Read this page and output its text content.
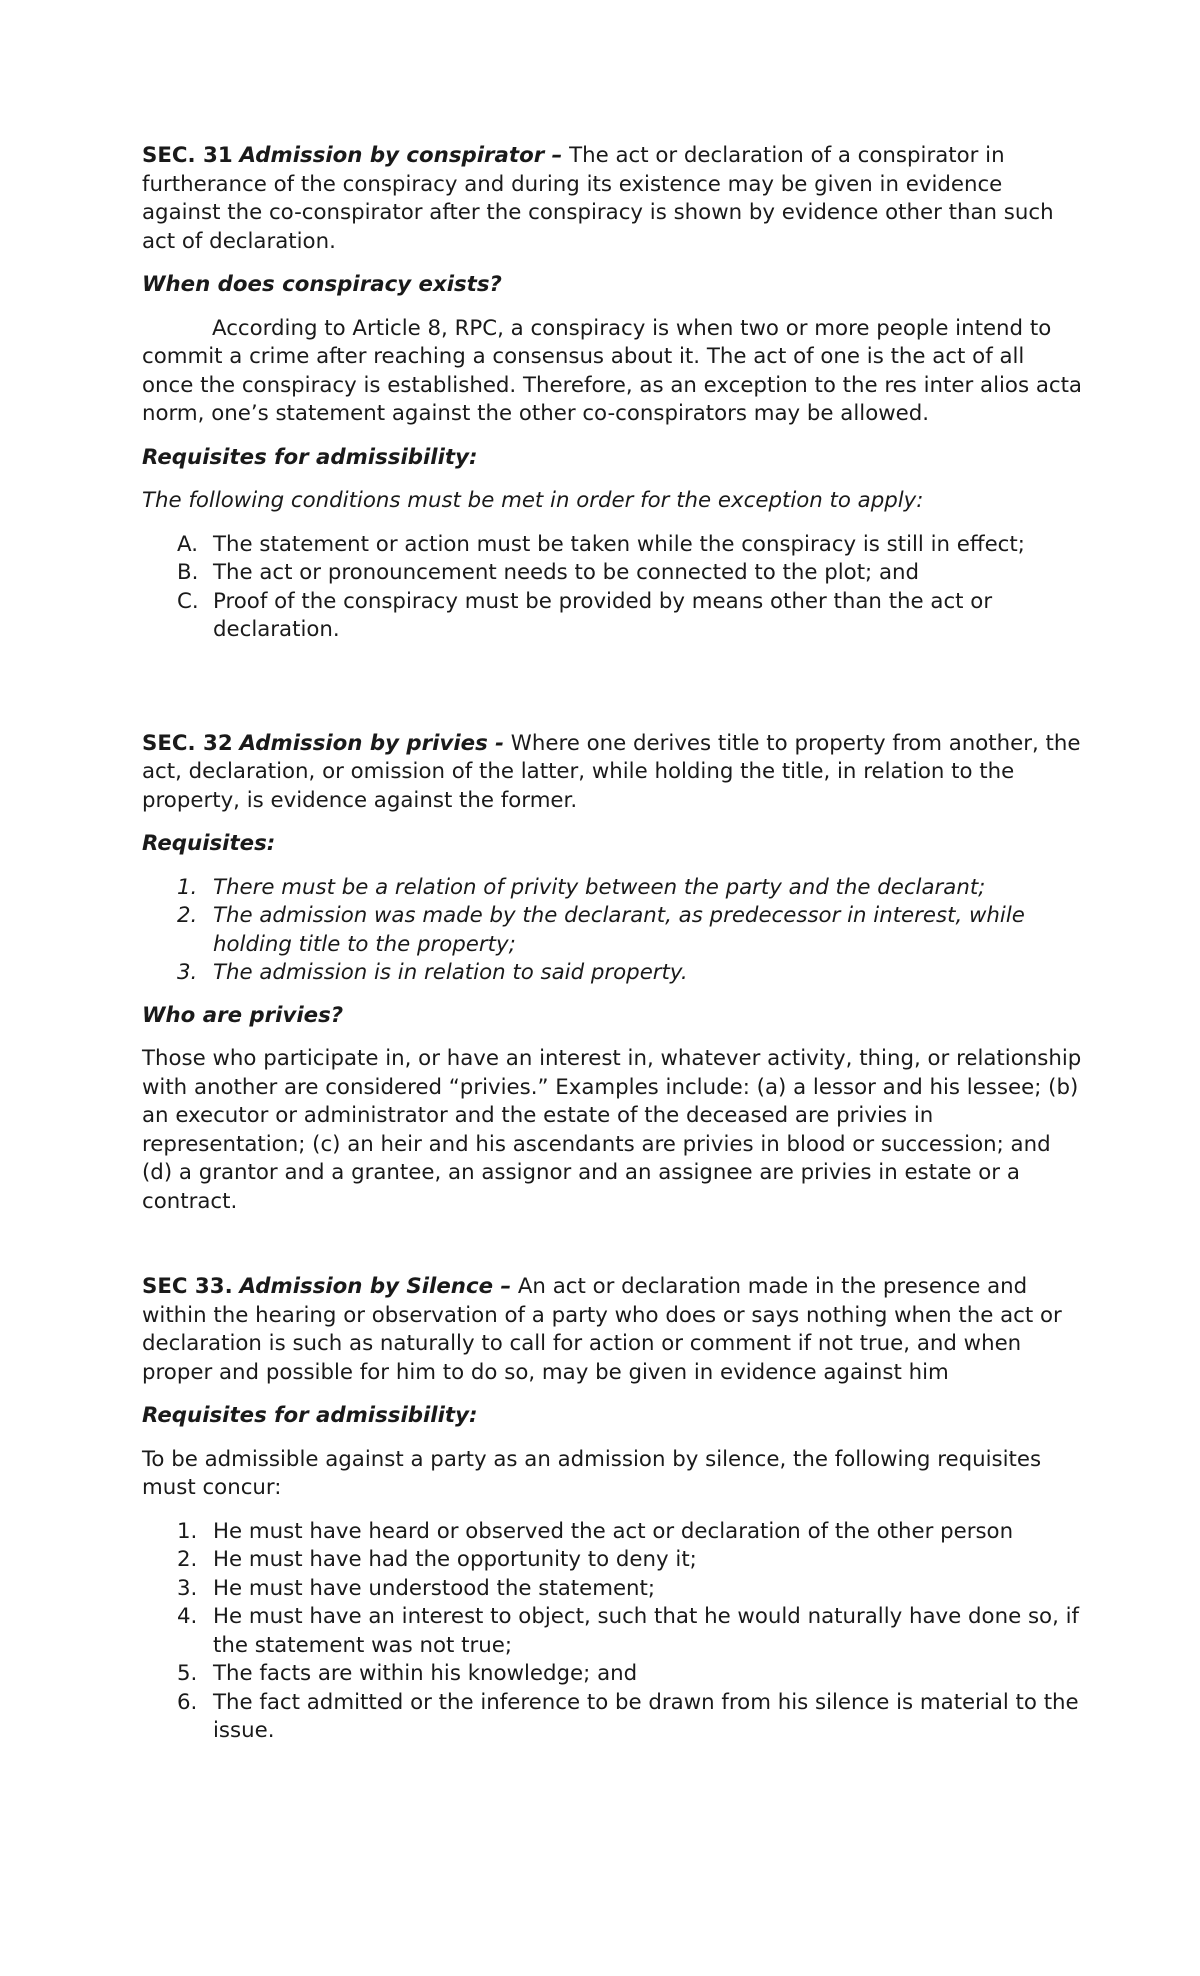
SEC. 31 Admission by conspirator – The act or declaration of a conspirator in furtherance of the conspiracy and during its existence may be given in evidence against the co-conspirator after the conspiracy is shown by evidence other than such act of declaration.

When does conspiracy exists?

According to Article 8, RPC, a conspiracy is when two or more people intend to commit a crime after reaching a consensus about it. The act of one is the act of all once the conspiracy is established. Therefore, as an exception to the res inter alios acta norm, one’s statement against the other co-conspirators may be allowed.

Requisites for admissibility:

The following conditions must be met in order for the exception to apply:

A. The statement or action must be taken while the conspiracy is still in effect;
B. The act or pronouncement needs to be connected to the plot; and
C. Proof of the conspiracy must be provided by means other than the act or declaration.

SEC. 32 Admission by privies - Where one derives title to property from another, the act, declaration, or omission of the latter, while holding the title, in relation to the property, is evidence against the former.

Requisites:

1. There must be a relation of privity between the party and the declarant;
2. The admission was made by the declarant, as predecessor in interest, while holding title to the property;
3. The admission is in relation to said property.

Who are privies?

Those who participate in, or have an interest in, whatever activity, thing, or relationship with another are considered “privies.” Examples include: (a) a lessor and his lessee; (b) an executor or administrator and the estate of the deceased are privies in representation; (c) an heir and his ascendants are privies in blood or succession; and (d) a grantor and a grantee, an assignor and an assignee are privies in estate or a contract.

SEC 33. Admission by Silence – An act or declaration made in the presence and within the hearing or observation of a party who does or says nothing when the act or declaration is such as naturally to call for action or comment if not true, and when proper and possible for him to do so, may be given in evidence against him

Requisites for admissibility:

To be admissible against a party as an admission by silence, the following requisites must concur:

1. He must have heard or observed the act or declaration of the other person
2. He must have had the opportunity to deny it;
3. He must have understood the statement;
4. He must have an interest to object, such that he would naturally have done so, if the statement was not true;
5. The facts are within his knowledge; and
6. The fact admitted or the inference to be drawn from his silence is material to the issue.
